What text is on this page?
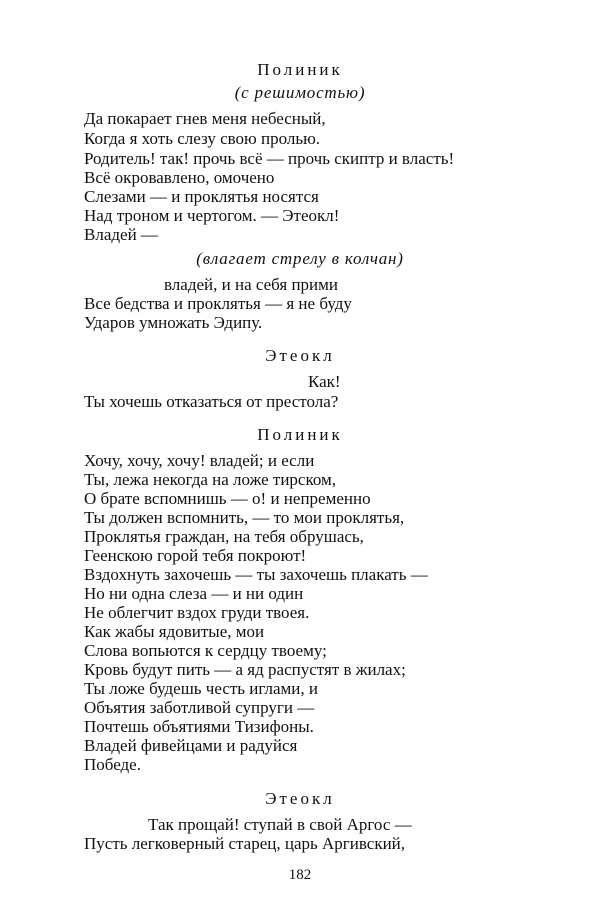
Полиник
(с решимостью)
Да покарает гнев меня небесный,
Когда я хоть слезу свою пролью.
Родитель! так! прочь всё — прочь скиптр и власть!
Всё окровавлено, омочено
Слезами — и проклятья носятся
Над троном и чертогом. — Этеокл!
Владей —
(влагает стрелу в колчан)
владей, и на себя прими
Все бедства и проклятья — я не буду
Ударов умножать Эдипу.
Этеокл
Как!
Ты хочешь отказаться от престола?
Полиник
Хочу, хочу, хочу! владей; и если
Ты, лежа некогда на ложе тирском,
О брате вспомнишь — о! и непременно
Ты должен вспомнить, — то мои проклятья,
Проклятья граждан, на тебя обрушась,
Геенскою горой тебя покроют!
Вздохнуть захочешь — ты захочешь плакать —
Но ни одна слеза — и ни один
Не облегчит вздох груди твоея.
Как жабы ядовитые, мои
Слова вопьются к сердцу твоему;
Кровь будут пить — а яд распустят в жилах;
Ты ложе будешь честь иглами, и
Объятия заботливой супруги —
Почтешь объятиями Тизифоны.
Владей фивейцами и радуйся
Победе.
Этеокл
Так прощай! ступай в свой Аргос —
Пусть легковерный старец, царь Аргивский,
182
